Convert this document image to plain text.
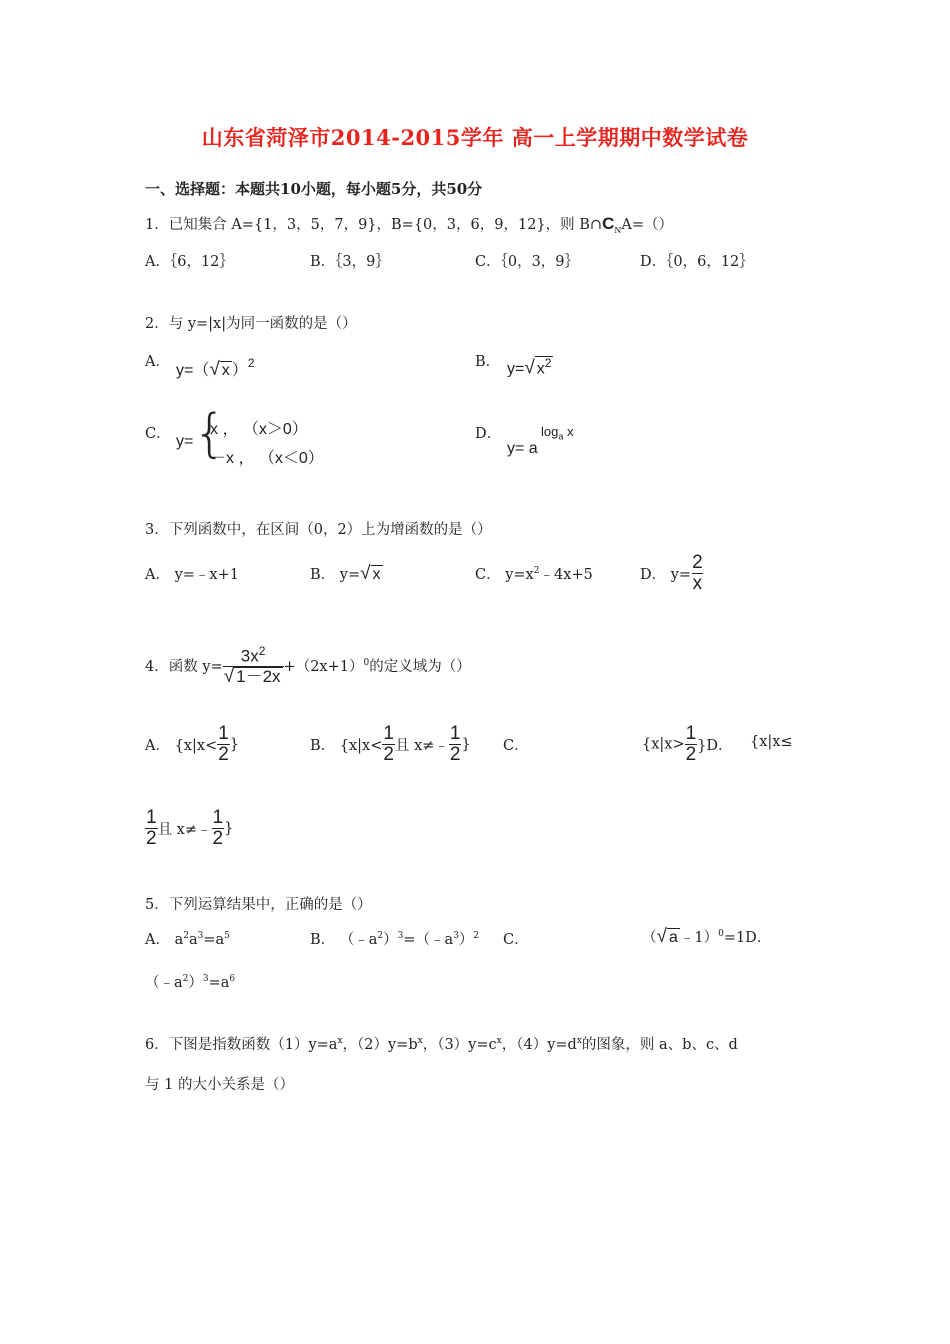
山东省菏泽市2014-2015学年 高一上学期期中数学试卷
一、选择题：本题共10小题，每小题5分，共50分
1．已知集合 A={1，3，5，7，9}，B={0，3，6，9，12}，则 $B\cap C_NA=()$
A．｛6，12｝	B．｛3，9｝	C．｛0，3，9｝	D．｛0，6，12｝
2．与 y=|x|为同一函数的是（）
A． y=（√ x ）$^2$	B． y=√ $x^2$
C． y= {
x ， （x＞0）
－x ， （x＜0）
D．
y= a
$\log_a x$
3．下列函数中，在区间（0，2）上为增函数的是（）
A． y=﹣x+1	B． y=√ x	C． $y=x^2﹣4x+5$	D． $y= \frac{2}{x}$
4．函数 $y= \frac{3x^2}{√ 1-2x} +(2x+1)^0$的定义域为（）
A． {$x|x< \frac{1}{2}$ }	B． {$x|x< \frac{1}{2}$ 且 x≠﹣ $\frac{1}{2}$ } C．	$\{x|x> \frac{1}{2} \}D$． {x|x≤
$\frac{1}{2}$ 且 x≠﹣ $\frac{1}{2}$ }
5．下列运算结果中，正确的是（）
A． $a^2a^3=a^5$	B． $(﹣a^2)^3=(﹣a^3)^2$ C．	（√ a ﹣1）$^0$=1D．
$(﹣a^2)^3=a^6$
6．下图是指数函数$(1)y=a^x$，$(2)y=b^x$，$(3)y=c^x$，$(4)y=d^x$的图象，则 a、b、c、d
与 1 的大小关系是（）
